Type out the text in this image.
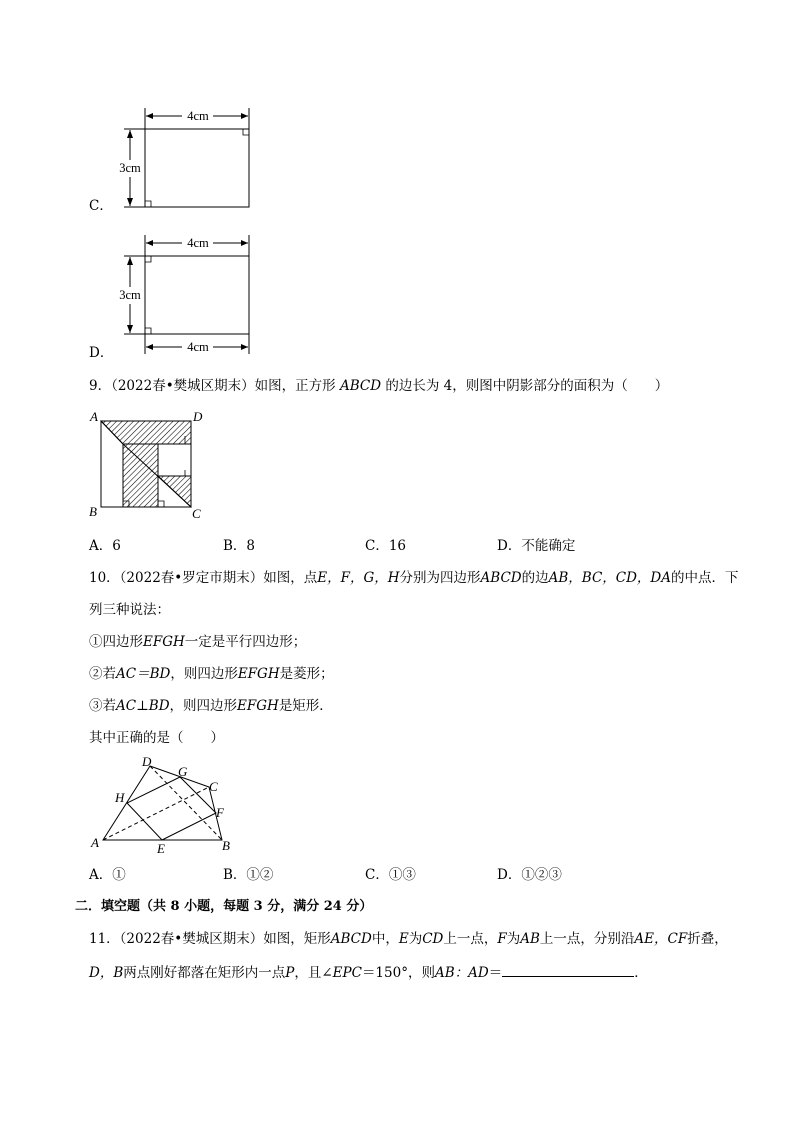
C．
4cm
3cm
D．
4cm
3cm
4cm
9．（2022春•樊城区期末）如图，正方形 ABCD 的边长为 4，则图中阴影部分的面积为（　　）
A	D
B	C
A．6	B．8	C．16	D．不能确定
10．（2022春•罗定市期末）如图，点E，F，G，H分别为四边形ABCD的边AB，BC，CD，DA的中点．下
列三种说法：
①四边形EFGH一定是平行四边形；
②若AC＝BD，则四边形EFGH是菱形；
③若AC⊥BD，则四边形EFGH是矩形．
其中正确的是（　　）
A	B
C
D
E
F
G
H
A．①	B．①②	C．①③	D．①②③
二．填空题（共 8 小题，每题 3 分，满分 24 分）
11．（2022春•樊城区期末）如图，矩形ABCD中，E为CD上一点，F为AB上一点，分别沿AE，CF折叠，
D，B两点刚好都落在矩形内一点P，且∠EPC＝150°，则AB：AD＝	．
